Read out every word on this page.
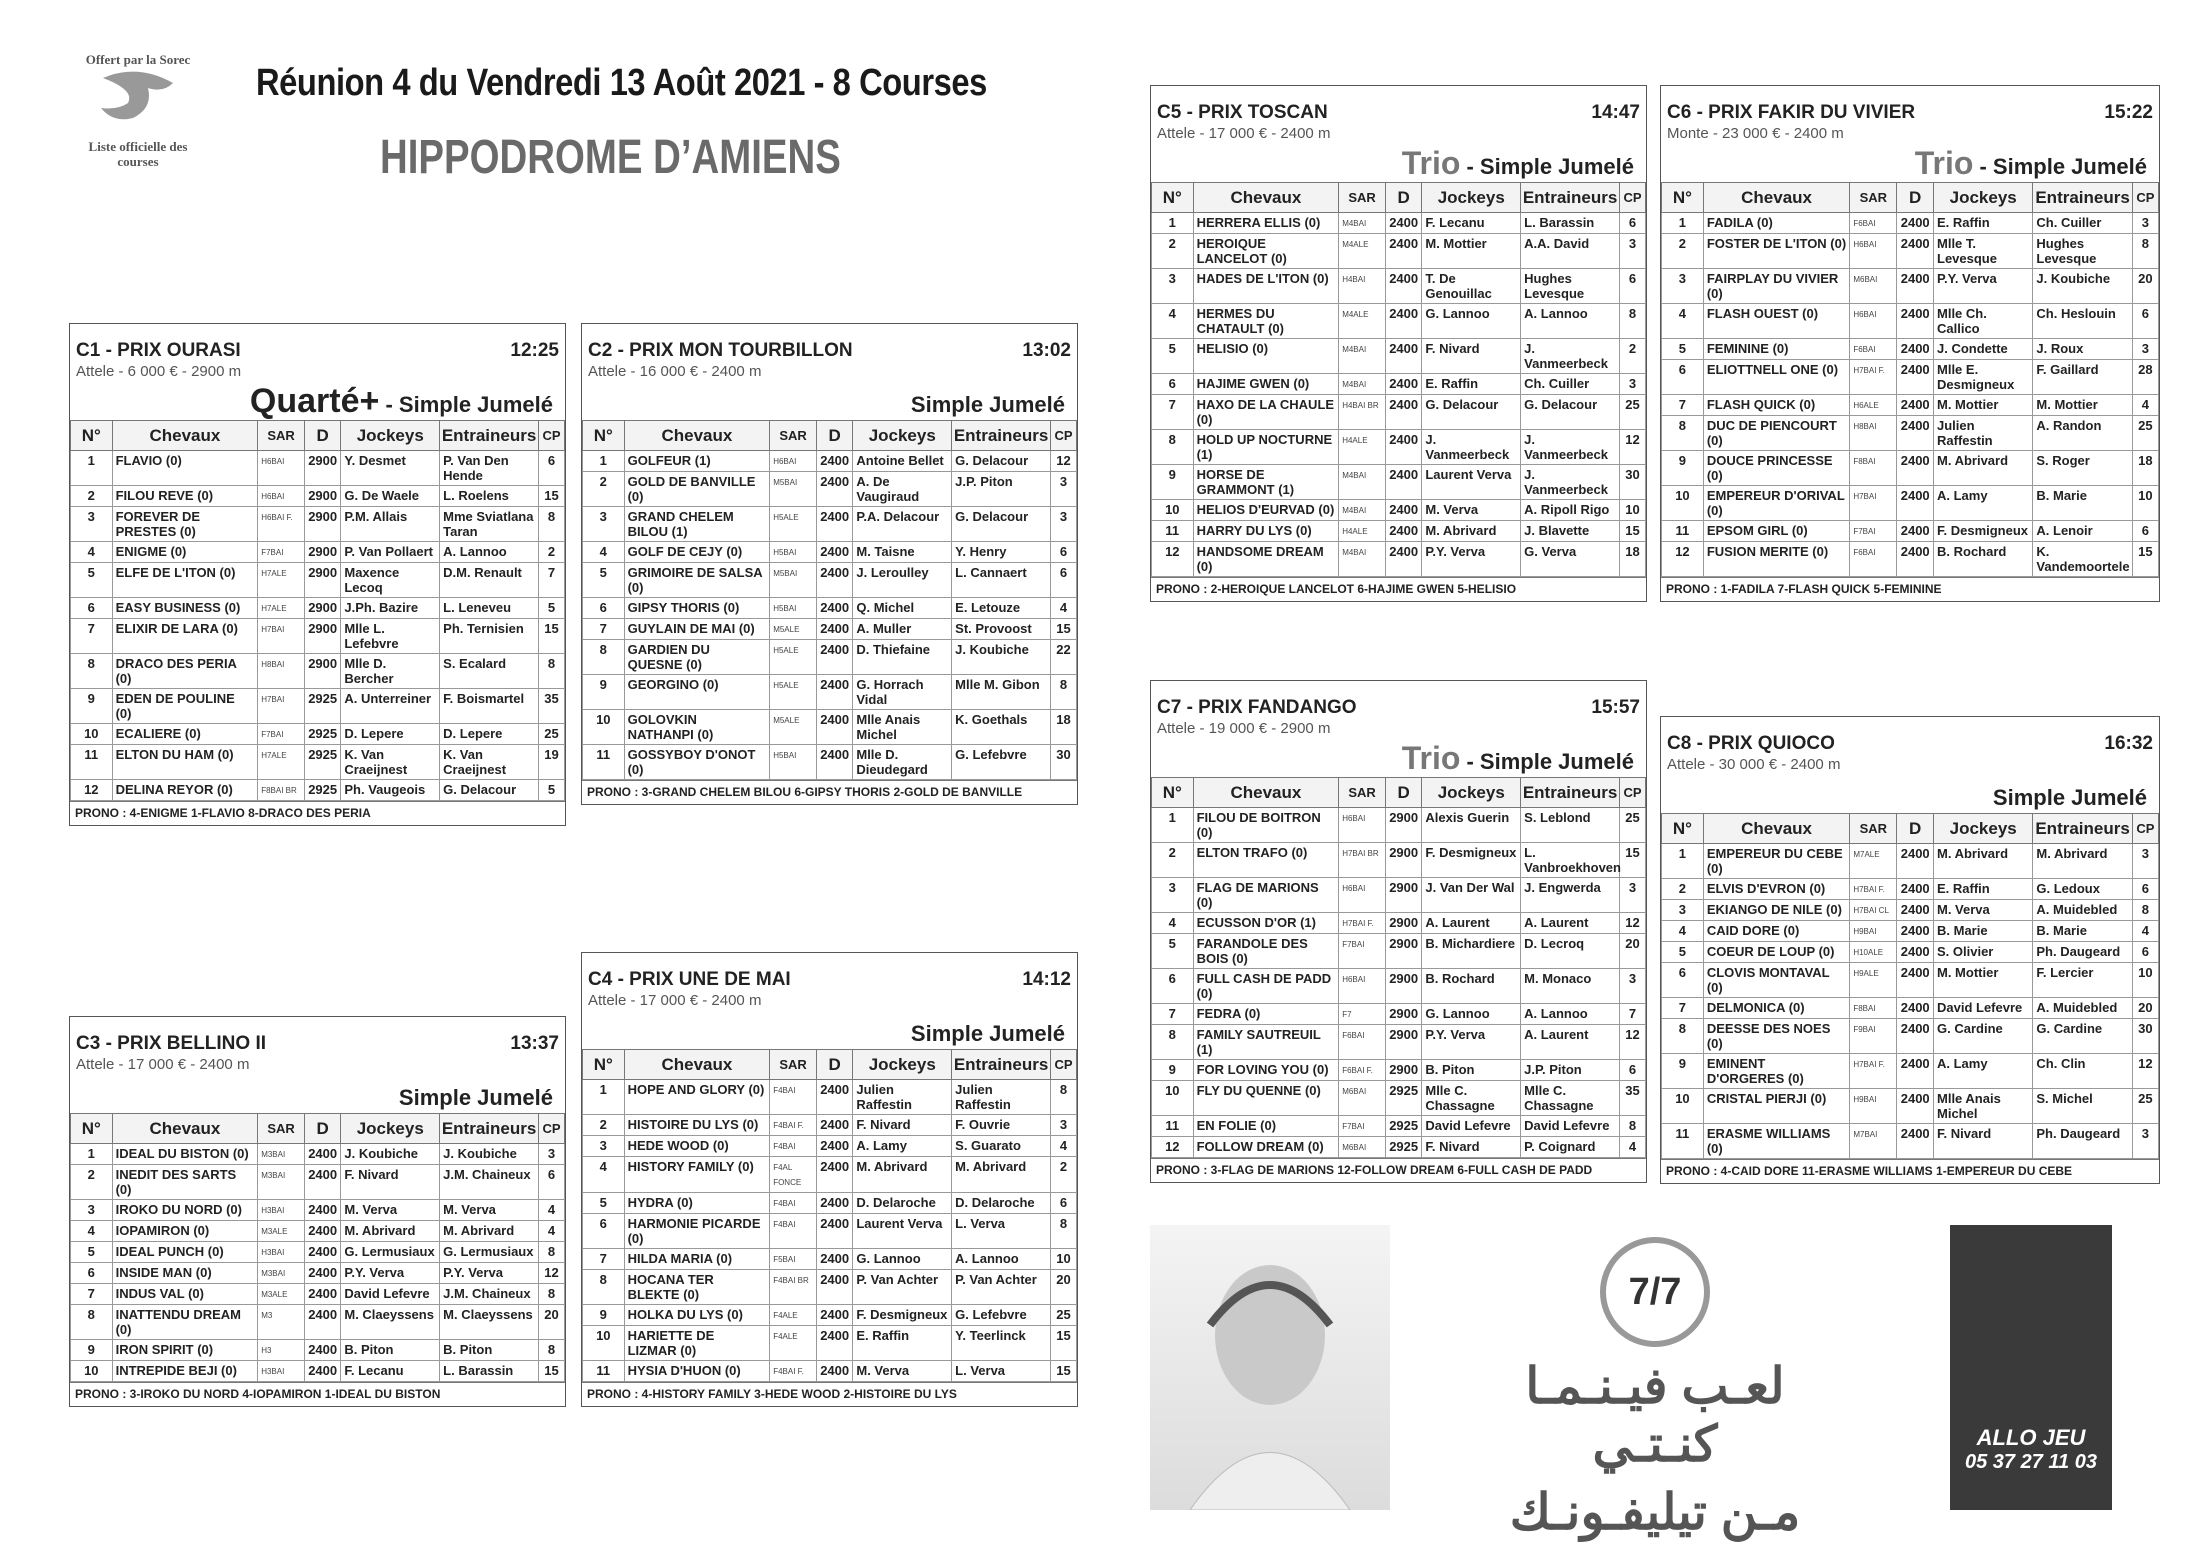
Offert par la Sorec
Liste officielle des courses
Réunion 4 du Vendredi 13 Août 2021 - 8 Courses
HIPPODROME D’AMIENS
C1 - PRIX OURASI	12:25
Attele - 6 000 € - 2900 m
Quarté+ - Simple Jumelé
N°	Chevaux	SAR	D	Jockeys	Entraineurs	CP
1	FLAVIO (0)	H6BAI	2900	Y. Desmet	P. Van Den Hende	6
2	FILOU REVE (0)	H6BAI	2900	G. De Waele	L. Roelens	15
3	FOREVER DE PRESTES (0)	H6BAI F.	2900	P.M. Allais	Mme Sviatlana Taran	8
4	ENIGME (0)	F7BAI	2900	P. Van Pollaert	A. Lannoo	2
5	ELFE DE L'ITON (0)	H7ALE	2900	Maxence Lecoq	D.M. Renault	7
6	EASY BUSINESS (0)	H7ALE	2900	J.Ph. Bazire	L. Leneveu	5
7	ELIXIR DE LARA (0)	H7BAI	2900	Mlle L. Lefebvre	Ph. Ternisien	15
8	DRACO DES PERIA (0)	H8BAI	2900	Mlle D. Bercher	S. Ecalard	8
9	EDEN DE POULINE (0)	H7BAI	2925	A. Unterreiner	F. Boismartel	35
10	ECALIERE (0)	F7BAI	2925	D. Lepere	D. Lepere	25
11	ELTON DU HAM (0)	H7ALE	2925	K. Van Craeijnest	K. Van Craeijnest	19
12	DELINA REYOR (0)	F8BAI BR	2925	Ph. Vaugeois	G. Delacour	5
PRONO : 4-ENIGME 1-FLAVIO 8-DRACO DES PERIA
C2 - PRIX MON TOURBILLON	13:02
Attele - 16 000 € - 2400 m
Simple Jumelé
N°	Chevaux	SAR	D	Jockeys	Entraineurs	CP
1	GOLFEUR (1)	H6BAI	2400	Antoine Bellet	G. Delacour	12
2	GOLD DE BANVILLE (0)	M5BAI	2400	A. De Vaugiraud	J.P. Piton	3
3	GRAND CHELEM BILOU (1)	H5ALE	2400	P.A. Delacour	G. Delacour	3
4	GOLF DE CEJY (0)	H5BAI	2400	M. Taisne	Y. Henry	6
5	GRIMOIRE DE SALSA (0)	M5BAI	2400	J. Leroulley	L. Cannaert	6
6	GIPSY THORIS (0)	H5BAI	2400	Q. Michel	E. Letouze	4
7	GUYLAIN DE MAI (0)	M5ALE	2400	A. Muller	St. Provoost	15
8	GARDIEN DU QUESNE (0)	H5ALE	2400	D. Thiefaine	J. Koubiche	22
9	GEORGINO (0)	H5ALE	2400	G. Horrach Vidal	Mlle M. Gibon	8
10	GOLOVKIN NATHANPI (0)	M5ALE	2400	Mlle Anais Michel	K. Goethals	18
11	GOSSYBOY D'ONOT (0)	H5BAI	2400	Mlle D. Dieudegard	G. Lefebvre	30
PRONO : 3-GRAND CHELEM BILOU 6-GIPSY THORIS 2-GOLD DE BANVILLE
C3 - PRIX BELLINO II	13:37
Attele - 17 000 € - 2400 m
Simple Jumelé
N°	Chevaux	SAR	D	Jockeys	Entraineurs	CP
1	IDEAL DU BISTON (0)	M3BAI	2400	J. Koubiche	J. Koubiche	3
2	INEDIT DES SARTS (0)	M3BAI	2400	F. Nivard	J.M. Chaineux	6
3	IROKO DU NORD (0)	H3BAI	2400	M. Verva	M. Verva	4
4	IOPAMIRON (0)	M3ALE	2400	M. Abrivard	M. Abrivard	4
5	IDEAL PUNCH (0)	H3BAI	2400	G. Lermusiaux	G. Lermusiaux	8
6	INSIDE MAN (0)	M3BAI	2400	P.Y. Verva	P.Y. Verva	12
7	INDUS VAL (0)	M3ALE	2400	David Lefevre	J.M. Chaineux	8
8	INATTENDU DREAM (0)	M3	2400	M. Claeyssens	M. Claeyssens	20
9	IRON SPIRIT (0)	H3	2400	B. Piton	B. Piton	8
10	INTREPIDE BEJI (0)	H3BAI	2400	F. Lecanu	L. Barassin	15
PRONO : 3-IROKO DU NORD 4-IOPAMIRON 1-IDEAL DU BISTON
C4 - PRIX UNE DE MAI	14:12
Attele - 17 000 € - 2400 m
Simple Jumelé
N°	Chevaux	SAR	D	Jockeys	Entraineurs	CP
1	HOPE AND GLORY (0)	F4BAI	2400	Julien Raffestin	Julien Raffestin	8
2	HISTOIRE DU LYS (0)	F4BAI F.	2400	F. Nivard	F. Ouvrie	3
3	HEDE WOOD (0)	F4BAI	2400	A. Lamy	S. Guarato	4
4	HISTORY FAMILY (0)	F4AL FONCE	2400	M. Abrivard	M. Abrivard	2
5	HYDRA (0)	F4BAI	2400	D. Delaroche	D. Delaroche	6
6	HARMONIE PICARDE (0)	F4BAI	2400	Laurent Verva	L. Verva	8
7	HILDA MARIA (0)	F5BAI	2400	G. Lannoo	A. Lannoo	10
8	HOCANA TER BLEKTE (0)	F4BAI BR	2400	P. Van Achter	P. Van Achter	20
9	HOLKA DU LYS (0)	F4ALE	2400	F. Desmigneux	G. Lefebvre	25
10	HARIETTE DE LIZMAR (0)	F4ALE	2400	E. Raffin	Y. Teerlinck	15
11	HYSIA D'HUON (0)	F4BAI F.	2400	M. Verva	L. Verva	15
PRONO : 4-HISTORY FAMILY 3-HEDE WOOD 2-HISTOIRE DU LYS
C5 - PRIX TOSCAN	14:47
Attele - 17 000 € - 2400 m
Trio - Simple Jumelé
N°	Chevaux	SAR	D	Jockeys	Entraineurs	CP
1	HERRERA ELLIS (0)	M4BAI	2400	F. Lecanu	L. Barassin	6
2	HEROIQUE LANCELOT (0)	M4ALE	2400	M. Mottier	A.A. David	3
3	HADES DE L'ITON (0)	H4BAI	2400	T. De Genouillac	Hughes Levesque	6
4	HERMES DU CHATAULT (0)	M4ALE	2400	G. Lannoo	A. Lannoo	8
5	HELISIO (0)	M4BAI	2400	F. Nivard	J. Vanmeerbeck	2
6	HAJIME GWEN (0)	M4BAI	2400	E. Raffin	Ch. Cuiller	3
7	HAXO DE LA CHAULE (0)	H4BAI BR	2400	G. Delacour	G. Delacour	25
8	HOLD UP NOCTURNE (1)	H4ALE	2400	J. Vanmeerbeck	J. Vanmeerbeck	12
9	HORSE DE GRAMMONT (1)	M4BAI	2400	Laurent Verva	J. Vanmeerbeck	30
10	HELIOS D'EURVAD (0)	M4BAI	2400	M. Verva	A. Ripoll Rigo	10
11	HARRY DU LYS (0)	H4ALE	2400	M. Abrivard	J. Blavette	15
12	HANDSOME DREAM (0)	M4BAI	2400	P.Y. Verva	G. Verva	18
PRONO : 2-HEROIQUE LANCELOT 6-HAJIME GWEN 5-HELISIO
C6 - PRIX FAKIR DU VIVIER	15:22
Monte - 23 000 € - 2400 m
Trio - Simple Jumelé
N°	Chevaux	SAR	D	Jockeys	Entraineurs	CP
1	FADILA (0)	F6BAI	2400	E. Raffin	Ch. Cuiller	3
2	FOSTER DE L'ITON (0)	H6BAI	2400	Mlle T. Levesque	Hughes Levesque	8
3	FAIRPLAY DU VIVIER (0)	M6BAI	2400	P.Y. Verva	J. Koubiche	20
4	FLASH OUEST (0)	H6BAI	2400	Mlle Ch. Callico	Ch. Heslouin	6
5	FEMININE (0)	F6BAI	2400	J. Condette	J. Roux	3
6	ELIOTTNELL ONE (0)	H7BAI F.	2400	Mlle E. Desmigneux	F. Gaillard	28
7	FLASH QUICK (0)	H6ALE	2400	M. Mottier	M. Mottier	4
8	DUC DE PIENCOURT (0)	H8BAI	2400	Julien Raffestin	A. Randon	25
9	DOUCE PRINCESSE (0)	F8BAI	2400	M. Abrivard	S. Roger	18
10	EMPEREUR D'ORIVAL (0)	H7BAI	2400	A. Lamy	B. Marie	10
11	EPSOM GIRL (0)	F7BAI	2400	F. Desmigneux	A. Lenoir	6
12	FUSION MERITE (0)	F6BAI	2400	B. Rochard	K. Vandemoortele	15
PRONO : 1-FADILA 7-FLASH QUICK 5-FEMININE
C7 - PRIX FANDANGO	15:57
Attele - 19 000 € - 2900 m
Trio - Simple Jumelé
N°	Chevaux	SAR	D	Jockeys	Entraineurs	CP
1	FILOU DE BOITRON (0)	H6BAI	2900	Alexis Guerin	S. Leblond	25
2	ELTON TRAFO (0)	H7BAI BR	2900	F. Desmigneux	L. Vanbroekhoven	15
3	FLAG DE MARIONS (0)	H6BAI	2900	J. Van Der Wal	J. Engwerda	3
4	ECUSSON D'OR (1)	H7BAI F.	2900	A. Laurent	A. Laurent	12
5	FARANDOLE DES BOIS (0)	F7BAI	2900	B. Michardiere	D. Lecroq	20
6	FULL CASH DE PADD (0)	H6BAI	2900	B. Rochard	M. Monaco	3
7	FEDRA (0)	F7	2900	G. Lannoo	A. Lannoo	7
8	FAMILY SAUTREUIL (1)	F6BAI	2900	P.Y. Verva	A. Laurent	12
9	FOR LOVING YOU (0)	F6BAI F.	2900	B. Piton	J.P. Piton	6
10	FLY DU QUENNE (0)	M6BAI	2925	Mlle C. Chassagne	Mlle C. Chassagne	35
11	EN FOLIE (0)	F7BAI	2925	David Lefevre	David Lefevre	8
12	FOLLOW DREAM (0)	M6BAI	2925	F. Nivard	P. Coignard	4
PRONO : 3-FLAG DE MARIONS 12-FOLLOW DREAM 6-FULL CASH DE PADD
C8 - PRIX QUIOCO	16:32
Attele - 30 000 € - 2400 m
Simple Jumelé
N°	Chevaux	SAR	D	Jockeys	Entraineurs	CP
1	EMPEREUR DU CEBE (0)	M7ALE	2400	M. Abrivard	M. Abrivard	3
2	ELVIS D'EVRON (0)	H7BAI F.	2400	E. Raffin	G. Ledoux	6
3	EKIANGO DE NILE (0)	H7BAI CL	2400	M. Verva	A. Muidebled	8
4	CAID DORE (0)	H9BAI	2400	B. Marie	B. Marie	4
5	COEUR DE LOUP (0)	H10ALE	2400	S. Olivier	Ph. Daugeard	6
6	CLOVIS MONTAVAL (0)	H9ALE	2400	M. Mottier	F. Lercier	10
7	DELMONICA (0)	F8BAI	2400	David Lefevre	A. Muidebled	20
8	DEESSE DES NOES (0)	F9BAI	2400	G. Cardine	G. Cardine	30
9	EMINENT D'ORGERES (0)	H7BAI F.	2400	A. Lamy	Ch. Clin	12
10	CRISTAL PIERJI (0)	H9BAI	2400	Mlle Anais Michel	S. Michel	25
11	ERASME WILLIAMS (0)	M7BAI	2400	F. Nivard	Ph. Daugeard	3
PRONO : 4-CAID DORE 11-ERASME WILLIAMS 1-EMPEREUR DU CEBE
7/7
لعـب فيـنـمـا كنـتـي
مـن تيليفـونـك
ALLO JEU
05 37 27 11 03
